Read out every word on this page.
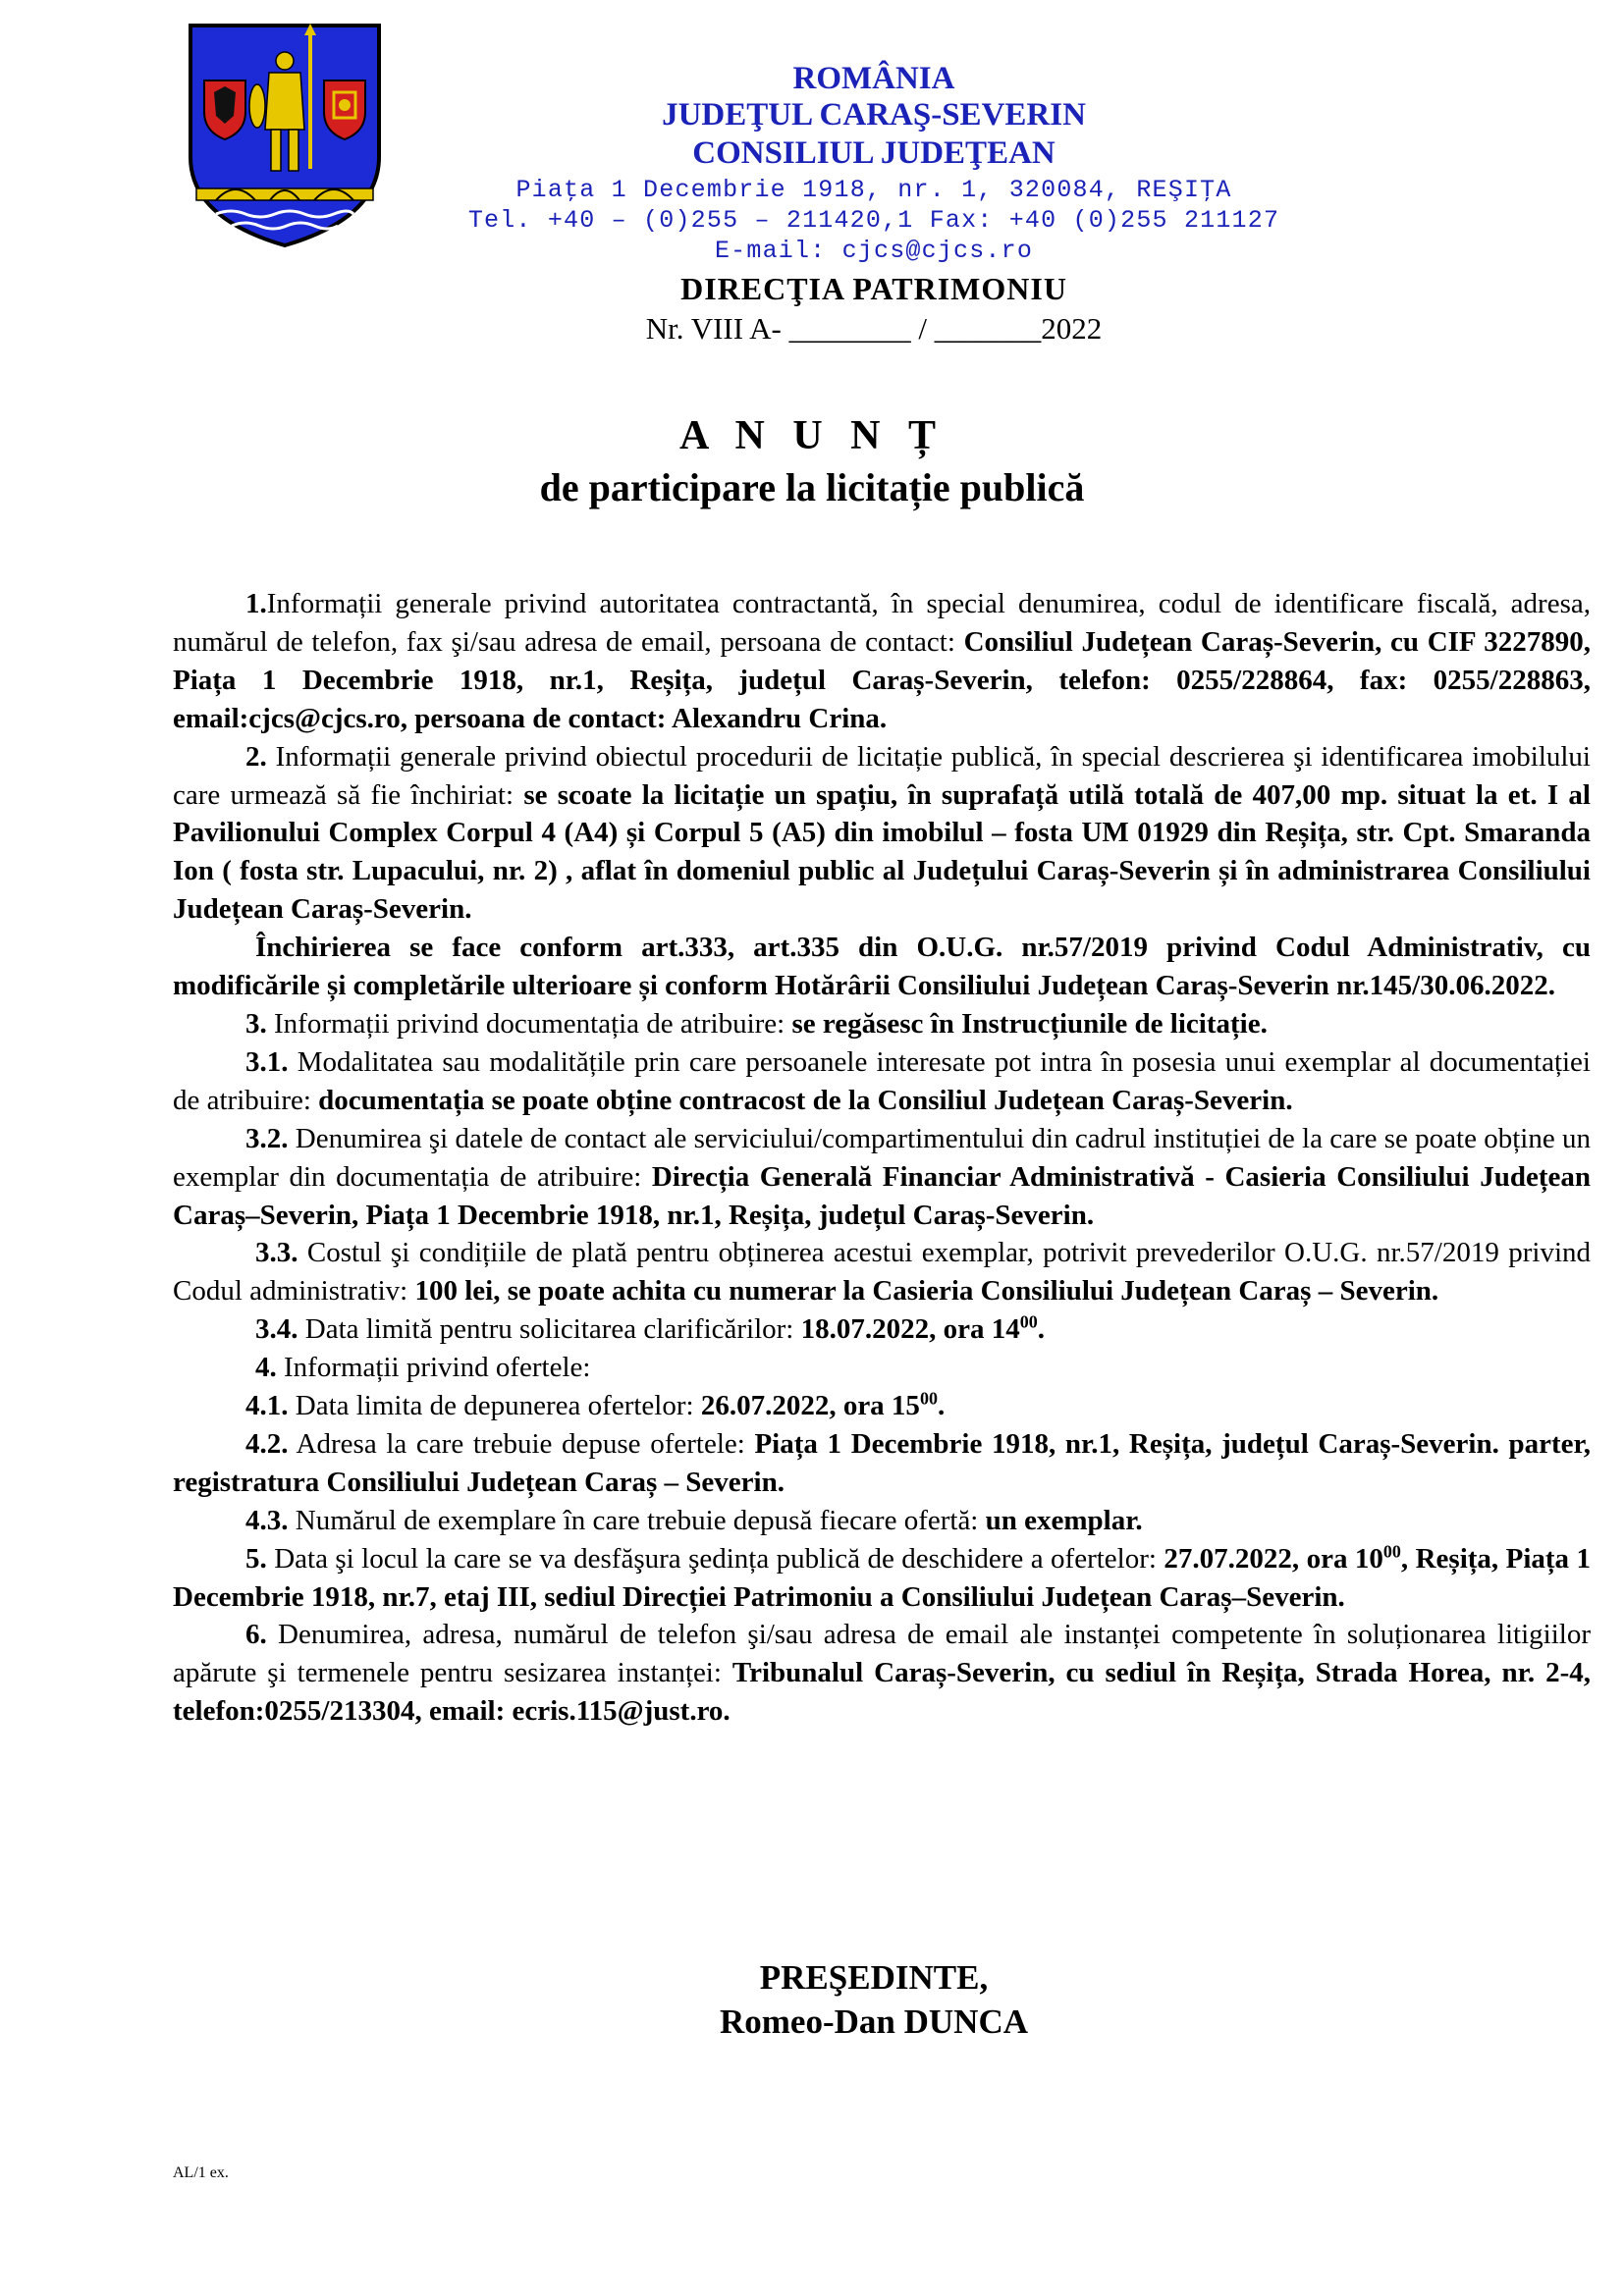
ROMÂNIA
JUDEŢUL CARAŞ-SEVERIN
CONSILIUL JUDEŢEAN
Piaţa 1 Decembrie 1918, nr. 1, 320084, REŞIŢA
Tel. +40 – (0)255 – 211420,1 Fax: +40 (0)255 211127
E-mail: cjcs@cjcs.ro
DIRECŢIA PATRIMONIU
Nr. VIII A- ________ / _______2022
A N U N Ț
de participare la licitație publică

1.Informații generale privind autoritatea contractantă, în special denumirea, codul de identificare fiscală, adresa, numărul de telefon, fax şi/sau adresa de email, persoana de contact: Consiliul Județean Caraș-Severin, cu CIF 3227890, Piața 1 Decembrie 1918, nr.1, Reșița, județul Caraș-Severin, telefon: 0255/228864, fax: 0255/228863, email:cjcs@cjcs.ro, persoana de contact: Alexandru Crina.

2. Informații generale privind obiectul procedurii de licitație publică, în special descrierea şi identificarea imobilului care urmează să fie închiriat: se scoate la licitație un spațiu, în suprafață utilă totală de 407,00 mp. situat la et. I al Pavilionului Complex Corpul 4 (A4) și Corpul 5 (A5) din imobilul – fosta UM 01929 din Reșița, str. Cpt. Smaranda Ion ( fosta str. Lupacului, nr. 2) , aflat în domeniul public al Județului Caraș-Severin și în administrarea Consiliului Județean Caraș-Severin.

Închirierea se face conform art.333, art.335 din O.U.G. nr.57/2019 privind Codul Administrativ, cu modificările și completările ulterioare și conform Hotărârii Consiliului Județean Caraș-Severin nr.145/30.06.2022.

3. Informații privind documentația de atribuire: se regăsesc în Instrucțiunile de licitație.

3.1. Modalitatea sau modalitățile prin care persoanele interesate pot intra în posesia unui exemplar al documentației de atribuire: documentația se poate obține contracost de la Consiliul Județean Caraș-Severin.

3.2. Denumirea şi datele de contact ale serviciului/compartimentului din cadrul instituției de la care se poate obține un exemplar din documentația de atribuire: Direcția Generală Financiar Administrativă - Casieria Consiliului Județean Caraș–Severin, Piața 1 Decembrie 1918, nr.1, Reșița, județul Caraș-Severin.

3.3. Costul şi condițiile de plată pentru obținerea acestui exemplar, potrivit prevederilor O.U.G. nr.57/2019 privind Codul administrativ: 100 lei, se poate achita cu numerar la Casieria Consiliului Județean Caraș – Severin.

3.4. Data limită pentru solicitarea clarificărilor: 18.07.2022, ora $14^{00}$.

4. Informații privind ofertele:

4.1. Data limita de depunerea ofertelor: 26.07.2022, ora $15^{00}$.

4.2. Adresa la care trebuie depuse ofertele: Piața 1 Decembrie 1918, nr.1, Reșița, județul Caraș-Severin. parter, registratura Consiliului Județean Caraș – Severin.

4.3. Numărul de exemplare în care trebuie depusă fiecare ofertă: un exemplar.

5. Data şi locul la care se va desfăşura şedința publică de deschidere a ofertelor: 27.07.2022, ora $10^{00}$, Reșița, Piața 1 Decembrie 1918, nr.7, etaj III, sediul Direcției Patrimoniu a Consiliului Județean Caraș–Severin.

6. Denumirea, adresa, numărul de telefon şi/sau adresa de email ale instanței competente în soluționarea litigiilor apărute şi termenele pentru sesizarea instanței: Tribunalul Caraș-Severin, cu sediul în Reșița, Strada Horea, nr. 2-4, telefon:0255/213304, email: ecris.115@just.ro.

PREŞEDINTE,
Romeo-Dan DUNCA
AL/1 ex.
